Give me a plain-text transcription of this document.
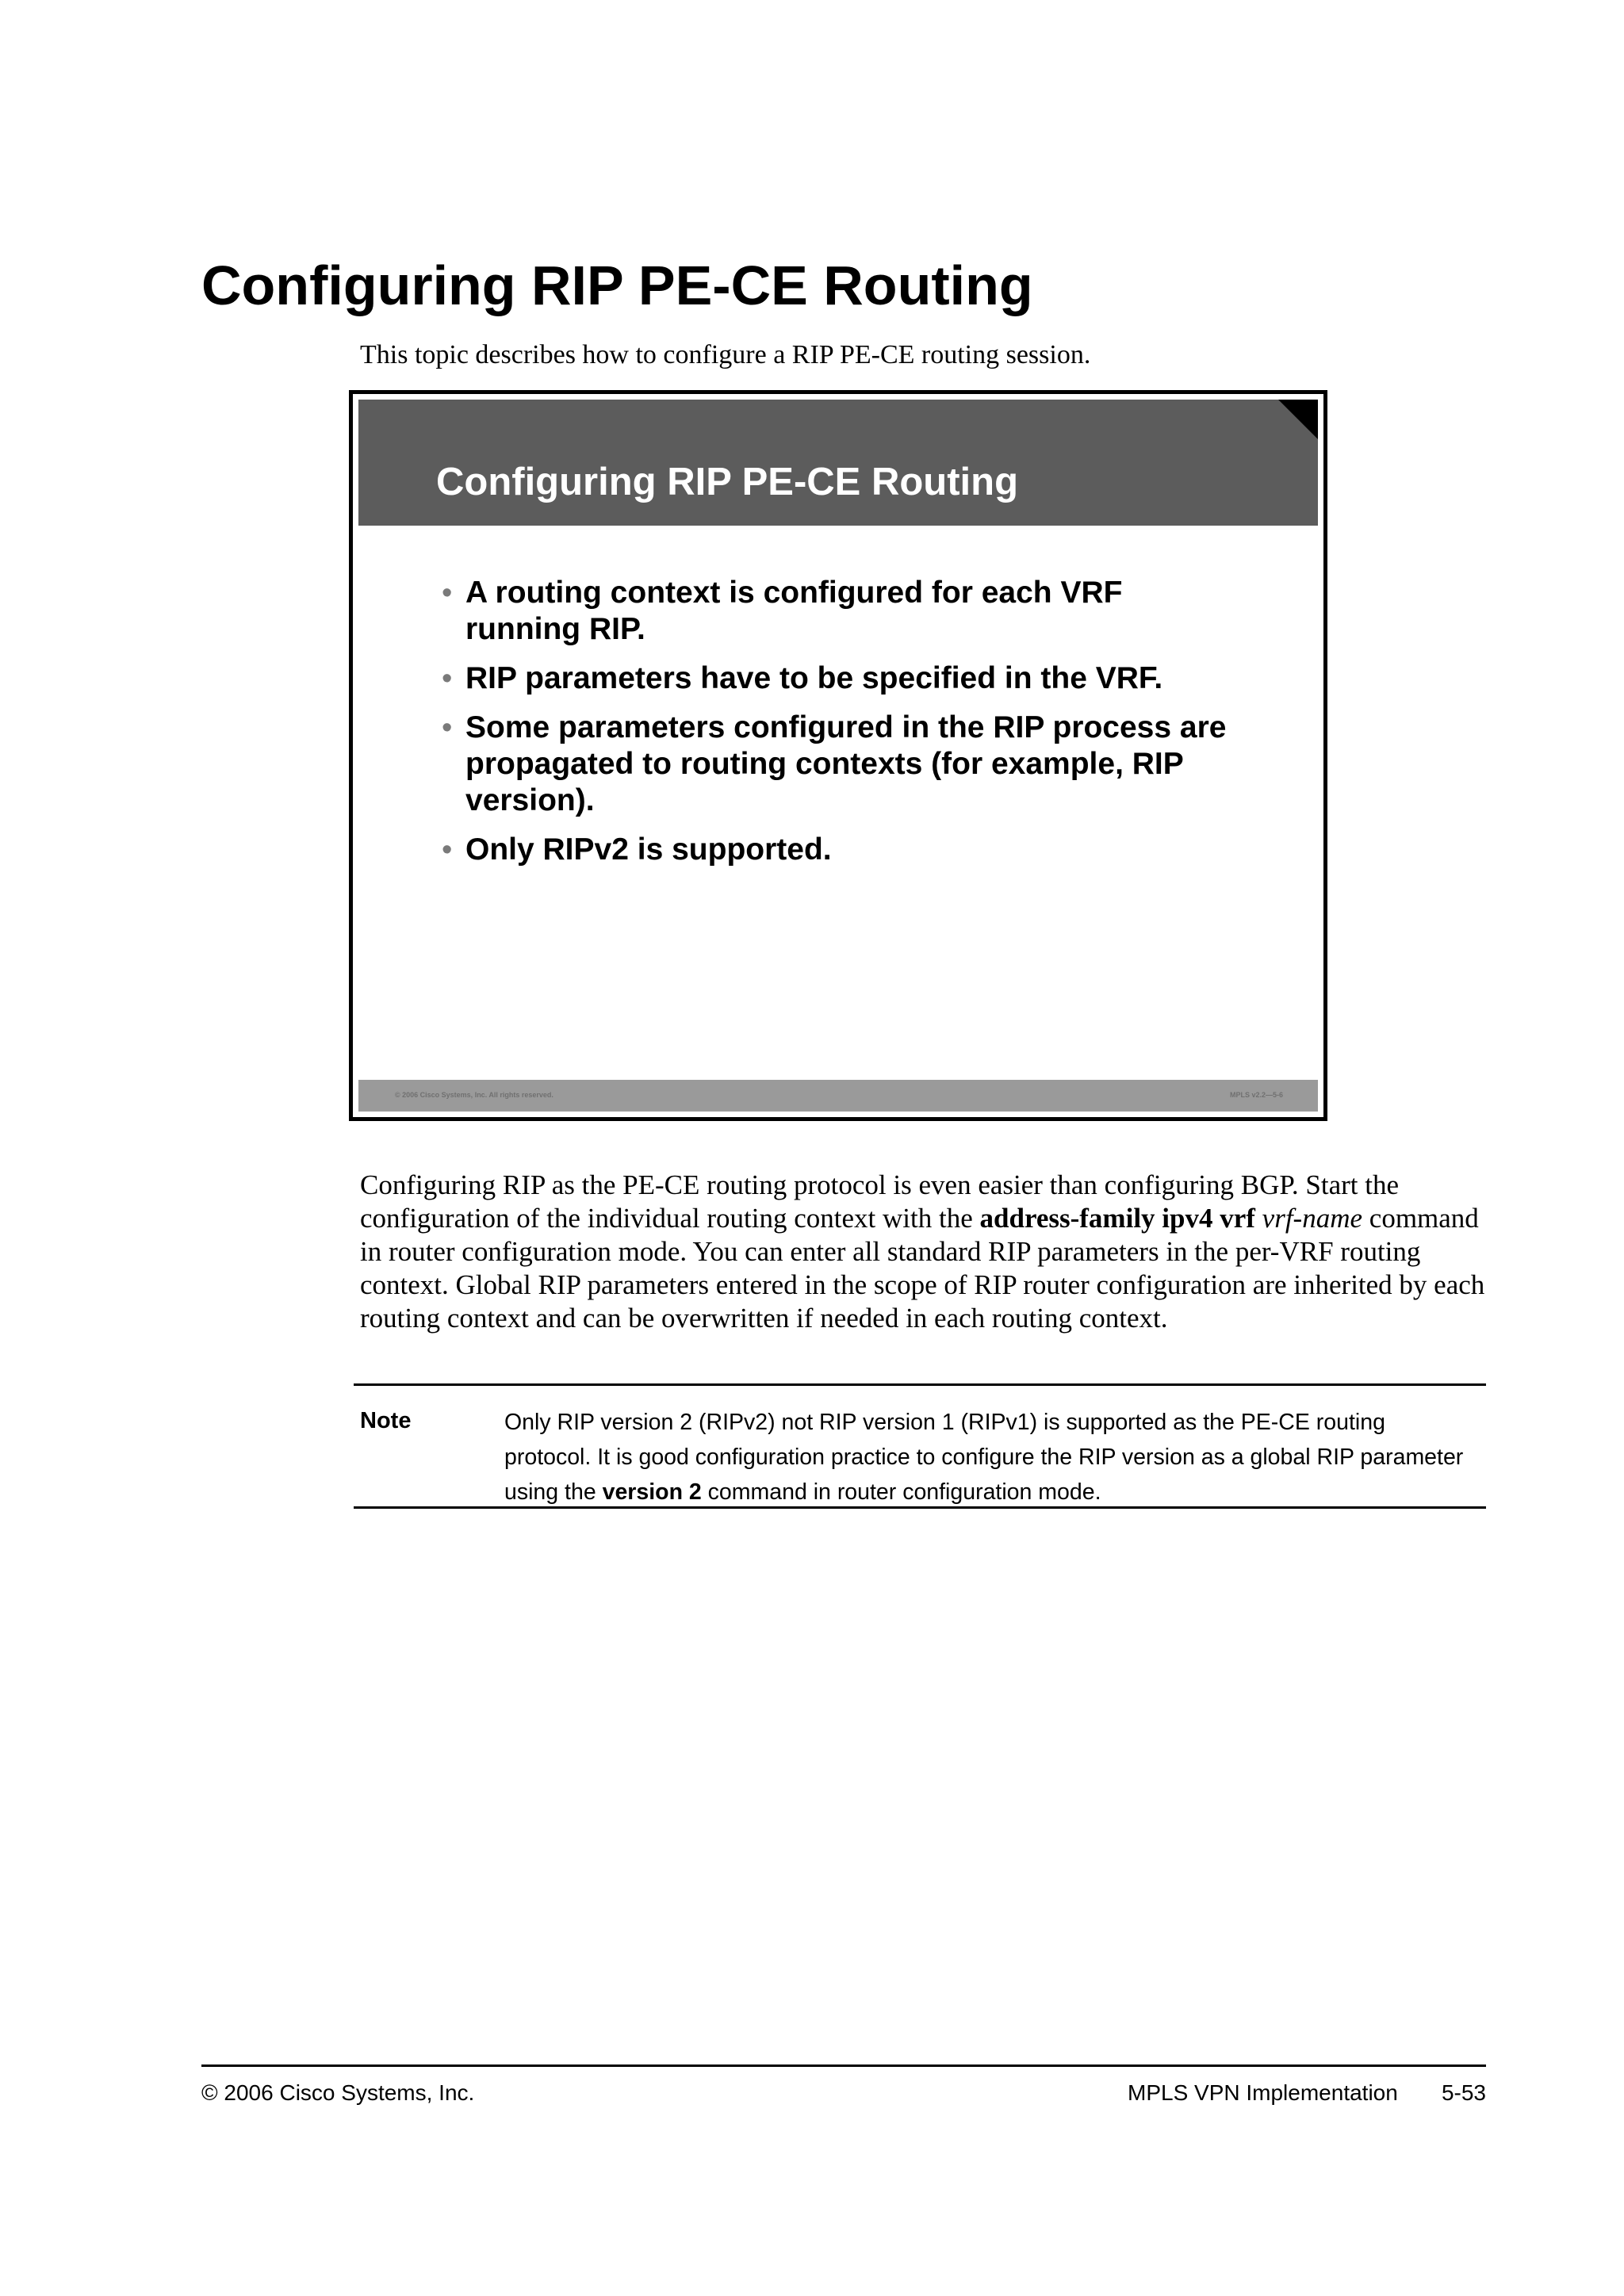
Configuring RIP PE-CE Routing
This topic describes how to configure a RIP PE-CE routing session.
Configuring RIP PE-CE Routing
• A routing context is configured for each VRF running RIP.
• RIP parameters have to be specified in the VRF.
• Some parameters configured in the RIP process are propagated to routing contexts (for example, RIP version).
• Only RIPv2 is supported.
© 2006 Cisco Systems, Inc. All rights reserved.	MPLS v2.2—5-6

Configuring RIP as the PE-CE routing protocol is even easier than configuring BGP. Start the configuration of the individual routing context with the address-family ipv4 vrf vrf-name command in router configuration mode. You can enter all standard RIP parameters in the per-VRF routing context. Global RIP parameters entered in the scope of RIP router configuration are inherited by each routing context and can be overwritten if needed in each routing context.

Note	Only RIP version 2 (RIPv2) not RIP version 1 (RIPv1) is supported as the PE-CE routing protocol. It is good configuration practice to configure the RIP version as a global RIP parameter using the version 2 command in router configuration mode.

© 2006 Cisco Systems, Inc.	MPLS VPN Implementation 5-53
